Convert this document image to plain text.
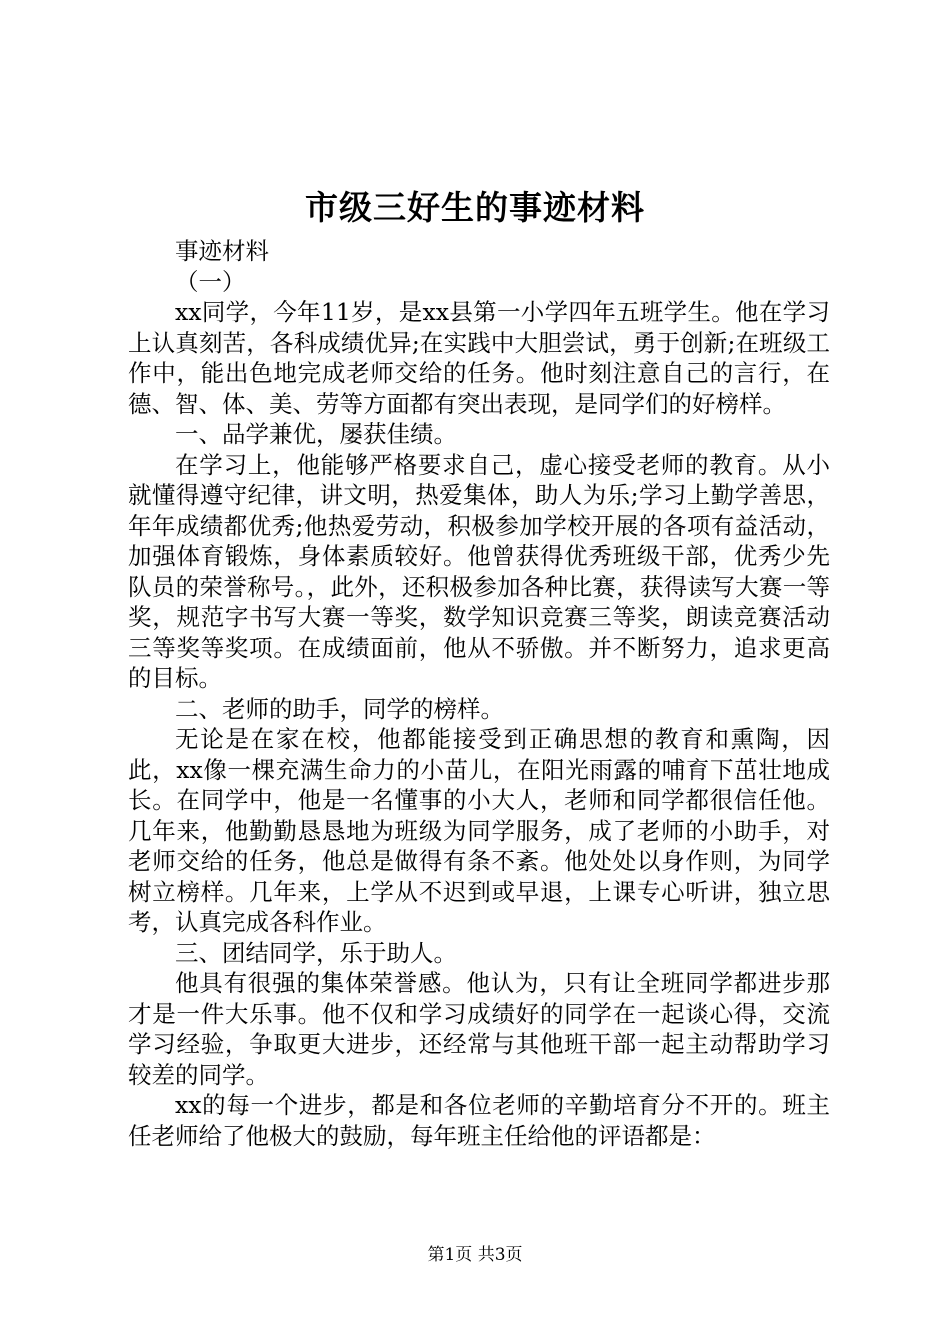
市级三好生的事迹材料

事迹材料

（一）

xx同学，今年11岁，是xx县第一小学四年五班学生。他在学习上认真刻苦，各科成绩优异;在实践中大胆尝试，勇于创新;在班级工作中，能出色地完成老师交给的任务。他时刻注意自己的言行，在德、智、体、美、劳等方面都有突出表现，是同学们的好榜样。

一、品学兼优，屡获佳绩。

在学习上，他能够严格要求自己，虚心接受老师的教育。从小就懂得遵守纪律，讲文明，热爱集体，助人为乐;学习上勤学善思，年年成绩都优秀;他热爱劳动，积极参加学校开展的各项有益活动，加强体育锻炼，身体素质较好。他曾获得优秀班级干部，优秀少先队员的荣誉称号。，此外，还积极参加各种比赛，获得读写大赛一等奖，规范字书写大赛一等奖，数学知识竞赛三等奖，朗读竞赛活动三等奖等奖项。在成绩面前，他从不骄傲。并不断努力，追求更高的目标。

二、老师的助手，同学的榜样。

无论是在家在校，他都能接受到正确思想的教育和熏陶，因此，xx像一棵充满生命力的小苗儿，在阳光雨露的哺育下茁壮地成长。在同学中，他是一名懂事的小大人，老师和同学都很信任他。几年来，他勤勤恳恳地为班级为同学服务，成了老师的小助手，对老师交给的任务，他总是做得有条不紊。他处处以身作则，为同学树立榜样。几年来，上学从不迟到或早退，上课专心听讲，独立思考，认真完成各科作业。

三、团结同学，乐于助人。

他具有很强的集体荣誉感。他认为，只有让全班同学都进步那才是一件大乐事。他不仅和学习成绩好的同学在一起谈心得，交流学习经验，争取更大进步，还经常与其他班干部一起主动帮助学习较差的同学。

xx的每一个进步，都是和各位老师的辛勤培育分不开的。班主任老师给了他极大的鼓励，每年班主任给他的评语都是：

第1页 共3页
